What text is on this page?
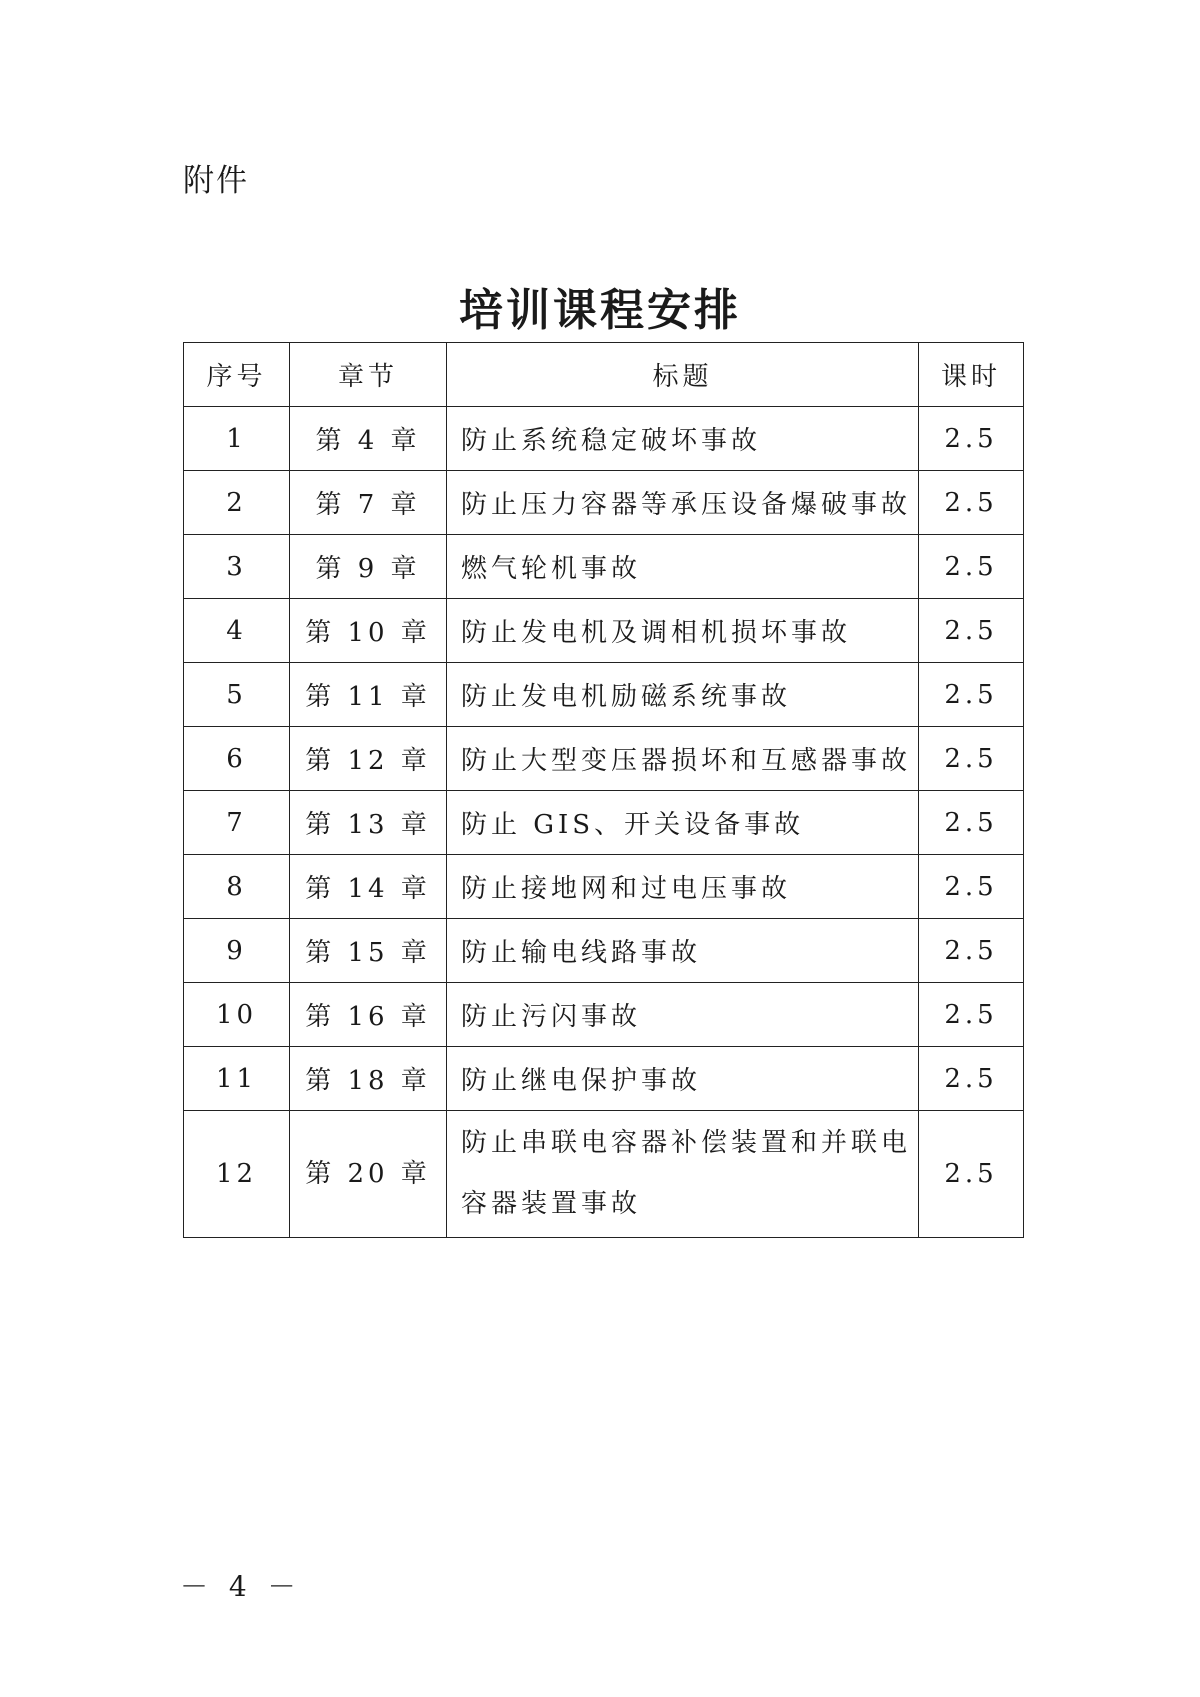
附件
培训课程安排
序号	章节	标题	课时
1	第 4 章	防止系统稳定破坏事故	2.5
2	第 7 章	防止压力容器等承压设备爆破事故	2.5
3	第 9 章	燃气轮机事故	2.5
4	第 10 章	防止发电机及调相机损坏事故	2.5
5	第 11 章	防止发电机励磁系统事故	2.5
6	第 12 章	防止大型变压器损坏和互感器事故	2.5
7	第 13 章	防止 GIS、开关设备事故	2.5
8	第 14 章	防止接地网和过电压事故	2.5
9	第 15 章	防止输电线路事故	2.5
10	第 16 章	防止污闪事故	2.5
11	第 18 章	防止继电保护事故	2.5
12	第 20 章	防止串联电容器补偿装置和并联电容器装置事故	2.5
－ 4 －
